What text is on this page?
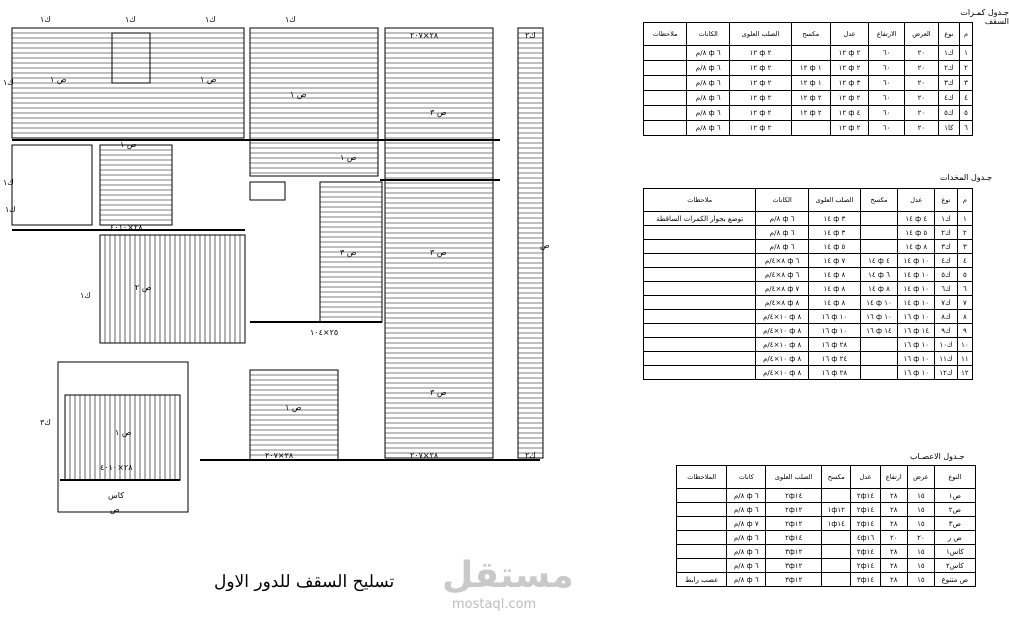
ك١	ك١	ك١	ك١
ص ١	ص ١
ص ١
ص ٣
ص ٣
ص ٣
ص ١
ص ٣
ص ٢
ص ١
ص ١
ص ١
٢٨×٢٠٧
٢٨×٢٠٧
٢٨×٢٠٧
٢٨×٤٠١٠
٢٥×١٠٤
٢٨×٤٠١٠
كاس
ص
ص
ك١
ك١
ك١
ك٣
ك١
ك٢
ك٢
جـدول كمـرات السقف
م	نوع	العرض	الارتفاع	عدل	مكسح	الصلب العلوى	الكانات	ملاحظات
١	ك١	٢٠	٦٠	٢ ф ١٢		٢ ф ١٢	٦ ф ٨/م	
٢	ك٢	٢٠	٦٠	٢ ф ١٢	١ ф ١٢	٢ ф ١٢	٦ ф ٨/م	
٣	ك٣	٢٠	٦٠	٣ ф ١٢	١ ф ١٢	٢ ф ١٢	٦ ф ٨/م	
٤	ك٤	٢٠	٦٠	٢ ф ١٢	٢ ф ١٢	٢ ф ١٢	٦ ф ٨/م	
٥	ك٥	٢٠	٦٠	٤ ф ١٢	٢ ф ١٢	٢ ф ١٢	٦ ф ٨/م	
٦	كا١	٢٠	٦٠	٢ ф ١٢		٢ ф ١٢	٦ ф ٨/م	
جـدول المخدات
م	نوع	عدل	مكسح	الصلب العلوى	الكانات	ملاحظات
١	ك١	٤ ф ١٤		٣ ф ١٤	٦ ф ٨/م	توضع بجوار الكمرات الساقطة
٢	ك٢	٥ ф ١٤		٣ ф ١٤	٦ ф ٨/م	
٣	ك٣	٨ ф ١٤		٥ ф ١٤	٦ ф ٨/م	
٤	ك٤	١٠ ф ١٤	٤ ф ١٤	٧ ф ١٤	٦ ф ٨×٤/م	
٥	ك٥	١٠ ф ١٤	٦ ф ١٤	٨ ф ١٤	٦ ф ٨×٤/م	
٦	ك٦	١٠ ф ١٤	٨ ф ١٤	٨ ф ١٤	٧ ф ٨×٤/م	
٧	ك٧	١٠ ф ١٤	١٠ ф ١٤	٨ ф ١٤	٨ ф ٨×٤/م	
٨	ك٨	١٠ ф ١٦	١٠ ф ١٦	١٠ ф ١٦	٨ ф ١٠×٤/م	
٩	ك٩	١٤ ф ١٦	١٤ ф ١٦	١٠ ф ١٦	٨ ф ١٠×٤/م	
١٠	ك١٠	١٠ ф ١٦		٢٨ ф ١٦	٨ ф ١٠×٤/م	
١١	ك١١	١٠ ф ١٦		٢٤ ф ١٦	٨ ф ١٠×٤/م	
١٢	ك١٢	١٠ ф ١٦		٢٨ ф ١٦	٨ ф ١٠×٤/م	
جـدول الاعصـاب
النوع	عرض	ارتفاع	عدل	مكسح	الصلب العلوى	كانات	الملاحظات
ص١	١٥	٢٨	٢ф١٤		٢ф١٤	٦ ф ٨/م	
ص٢	١٥	٢٨	٢ф١٤	١ф١٢	٢ф١٢	٦ ф ٨/م	
ص٣	١٥	٢٨	٢ф١٤	١ф١٤	٢ф١٢	٧ ф ٨/م	
ص ر	٢٠	٢٠	٤ф١٦		٢ф١٤	٦ ф ٨/م	
كاس١	١٥	٢٨	٢ф١٤		٣ф١٢	٦ ф ٨/م	
كاس٢	١٥	٢٨	٢ф١٤		٣ф١٢	٦ ф ٨/م	
ص متنوع	١٥	٢٨	٣ф١٤		٣ф١٢	٦ ф ٨/م	عصب رابط
تسليح السقف للدور الاول مستقل
mostaql.com
